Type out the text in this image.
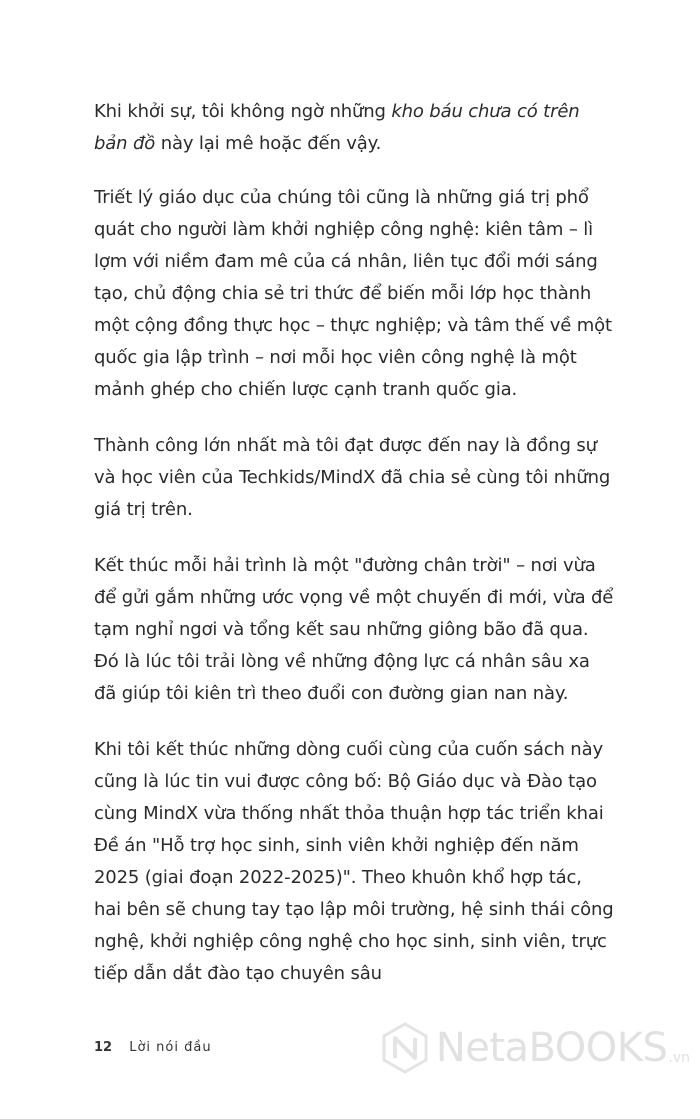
Khi khởi sự, tôi không ngờ những kho báu chưa có trên bản đồ này lại mê hoặc đến vậy.

Triết lý giáo dục của chúng tôi cũng là những giá trị phổ quát cho người làm khởi nghiệp công nghệ: kiên tâm – lì lợm với niềm đam mê của cá nhân, liên tục đổi mới sáng tạo, chủ động chia sẻ tri thức để biến mỗi lớp học thành một cộng đồng thực học – thực nghiệp; và tâm thế về một quốc gia lập trình – nơi mỗi học viên công nghệ là một mảnh ghép cho chiến lược cạnh tranh quốc gia.

Thành công lớn nhất mà tôi đạt được đến nay là đồng sự và học viên của Techkids/MindX đã chia sẻ cùng tôi những giá trị trên.

Kết thúc mỗi hải trình là một "đường chân trời" – nơi vừa để gửi gắm những ước vọng về một chuyến đi mới, vừa để tạm nghỉ ngơi và tổng kết sau những giông bão đã qua. Đó là lúc tôi trải lòng về những động lực cá nhân sâu xa đã giúp tôi kiên trì theo đuổi con đường gian nan này.

Khi tôi kết thúc những dòng cuối cùng của cuốn sách này cũng là lúc tin vui được công bố: Bộ Giáo dục và Đào tạo cùng MindX vừa thống nhất thỏa thuận hợp tác triển khai Đề án "Hỗ trợ học sinh, sinh viên khởi nghiệp đến năm 2025 (giai đoạn 2022-2025)". Theo khuôn khổ hợp tác, hai bên sẽ chung tay tạo lập môi trường, hệ sinh thái công nghệ, khởi nghiệp công nghệ cho học sinh, sinh viên, trực tiếp dẫn dắt đào tạo chuyên sâu

12 Lời nói đầu	NetaBOOKS .vn
